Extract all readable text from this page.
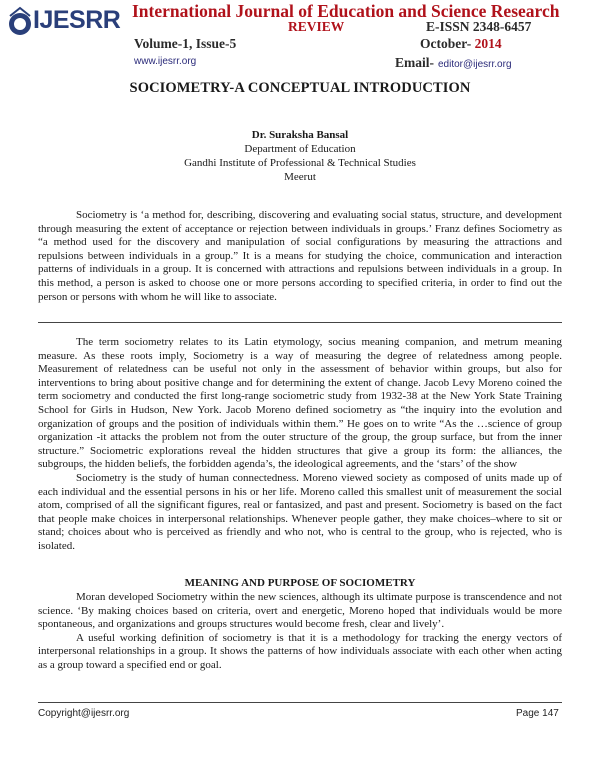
IJESRR International Journal of Education and Science Research
REVIEW	E-ISSN 2348-6457
Volume-1, Issue-5	October- 2014
www.ijesrr.org	Email- editor@ijesrr.org
SOCIOMETRY-A CONCEPTUAL INTRODUCTION
Dr. Suraksha Bansal
Department of Education
Gandhi Institute of Professional & Technical Studies
Meerut

Sociometry is ‘a method for, describing, discovering and evaluating social status, structure, and development through measuring the extent of acceptance or rejection between individuals in groups.’ Franz defines Sociometry as “a method used for the discovery and manipulation of social configurations by measuring the attractions and repulsions between individuals in a group.” It is a means for studying the choice, communication and interaction patterns of individuals in a group. It is concerned with attractions and repulsions between individuals in a group. In this method, a person is asked to choose one or more persons according to specified criteria, in order to find out the person or persons with whom he will like to associate.

The term sociometry relates to its Latin etymology, socius meaning companion, and metrum meaning measure. As these roots imply, Sociometry is a way of measuring the degree of relatedness among people. Measurement of relatedness can be useful not only in the assessment of behavior within groups, but also for interventions to bring about positive change and for determining the extent of change. Jacob Levy Moreno coined the term sociometry and conducted the first long-range sociometric study from 1932-38 at the New York State Training School for Girls in Hudson, New York. Jacob Moreno defined sociometry as “the inquiry into the evolution and organization of groups and the position of individuals within them.” He goes on to write “As the …science of group organization -it attacks the problem not from the outer structure of the group, the group surface, but from the inner structure.” Sociometric explorations reveal the hidden structures that give a group its form: the alliances, the subgroups, the hidden beliefs, the forbidden agenda’s, the ideological agreements, and the ‘stars’ of the show

Sociometry is the study of human connectedness. Moreno viewed society as composed of units made up of each individual and the essential persons in his or her life. Moreno called this smallest unit of measurement the social atom, comprised of all the significant figures, real or fantasized, and past and present. Sociometry is based on the fact that people make choices in interpersonal relationships. Whenever people gather, they make choices–where to sit or stand; choices about who is perceived as friendly and who not, who is central to the group, who is rejected, who is isolated.

MEANING AND PURPOSE OF SOCIOMETRY

Moran developed Sociometry within the new sciences, although its ultimate purpose is transcendence and not science. ‘By making choices based on criteria, overt and energetic, Moreno hoped that individuals would be more spontaneous, and organizations and groups structures would become fresh, clear and lively’.

A useful working definition of sociometry is that it is a methodology for tracking the energy vectors of interpersonal relationships in a group. It shows the patterns of how individuals associate with each other when acting as a group toward a specified end or goal.

Copyright@ijesrr.org	Page 147
